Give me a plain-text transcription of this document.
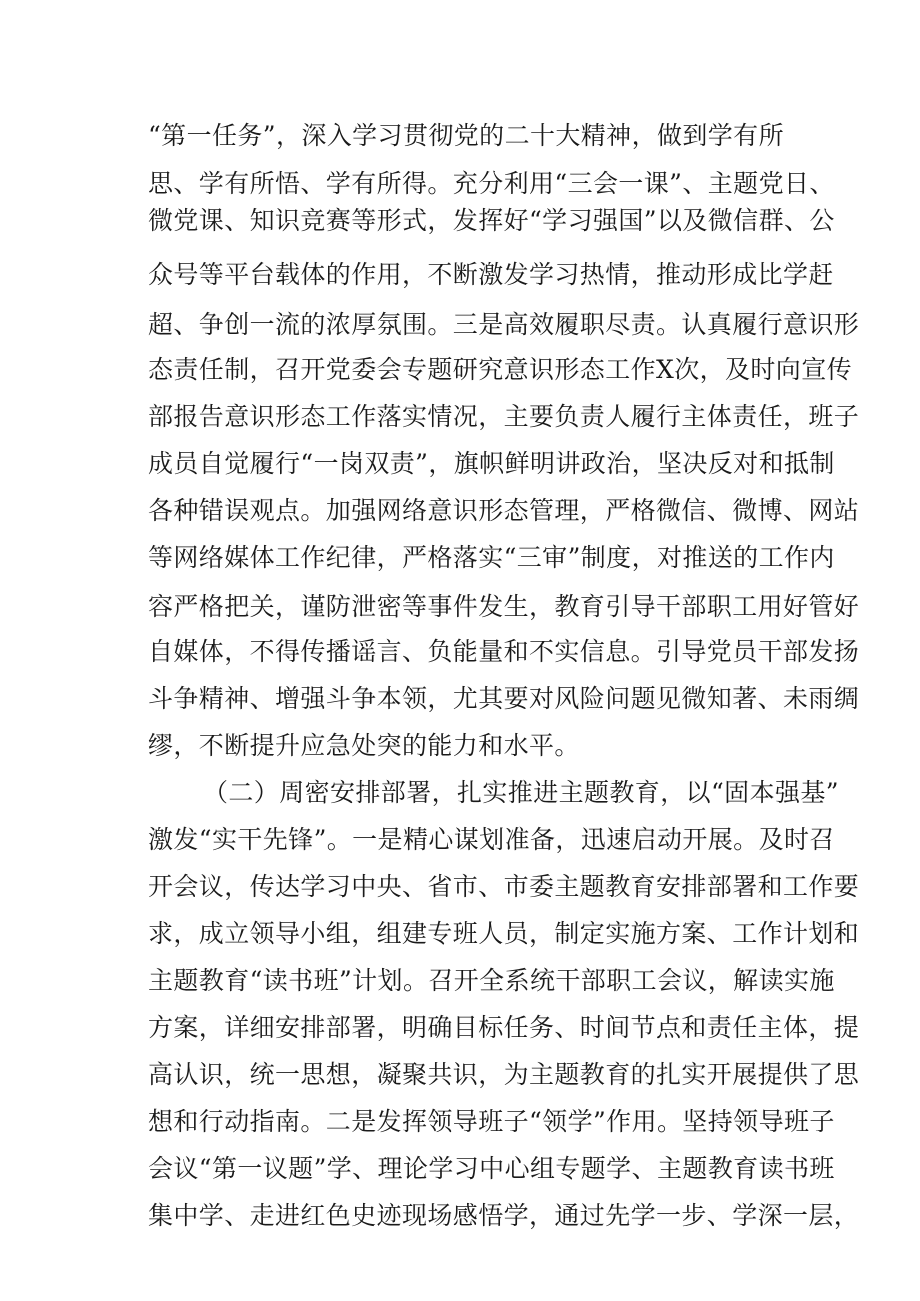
“第一任务”，深入学习贯彻党的二十大精神，做到学有所

思、学有所悟、学有所得。充分利用“三会一课”、主题党日、

微党课、知识竞赛等形式，发挥好“学习强国”以及微信群、公

众号等平台载体的作用，不断激发学习热情，推动形成比学赶

超、争创一流的浓厚氛围。三是高效履职尽责。认真履行意识形

态责任制，召开党委会专题研究意识形态工作X次，及时向宣传

部报告意识形态工作落实情况，主要负责人履行主体责任，班子

成员自觉履行“一岗双责”，旗帜鲜明讲政治，坚决反对和抵制

各种错误观点。加强网络意识形态管理，严格微信、微博、网站

等网络媒体工作纪律，严格落实“三审”制度，对推送的工作内

容严格把关，谨防泄密等事件发生，教育引导干部职工用好管好

自媒体，不得传播谣言、负能量和不实信息。引导党员干部发扬

斗争精神、增强斗争本领，尤其要对风险问题见微知著、未雨绸

缪，不断提升应急处突的能力和水平。

（二）周密安排部署，扎实推进主题教育，以“固本强基”

激发“实干先锋”。一是精心谋划准备，迅速启动开展。及时召

开会议，传达学习中央、省市、市委主题教育安排部署和工作要

求，成立领导小组，组建专班人员，制定实施方案、工作计划和

主题教育“读书班”计划。召开全系统干部职工会议，解读实施

方案，详细安排部署，明确目标任务、时间节点和责任主体，提

高认识，统一思想，凝聚共识，为主题教育的扎实开展提供了思

想和行动指南。二是发挥领导班子“领学”作用。坚持领导班子

会议“第一议题”学、理论学习中心组专题学、主题教育读书班

集中学、走进红色史迹现场感悟学，通过先学一步、学深一层，
